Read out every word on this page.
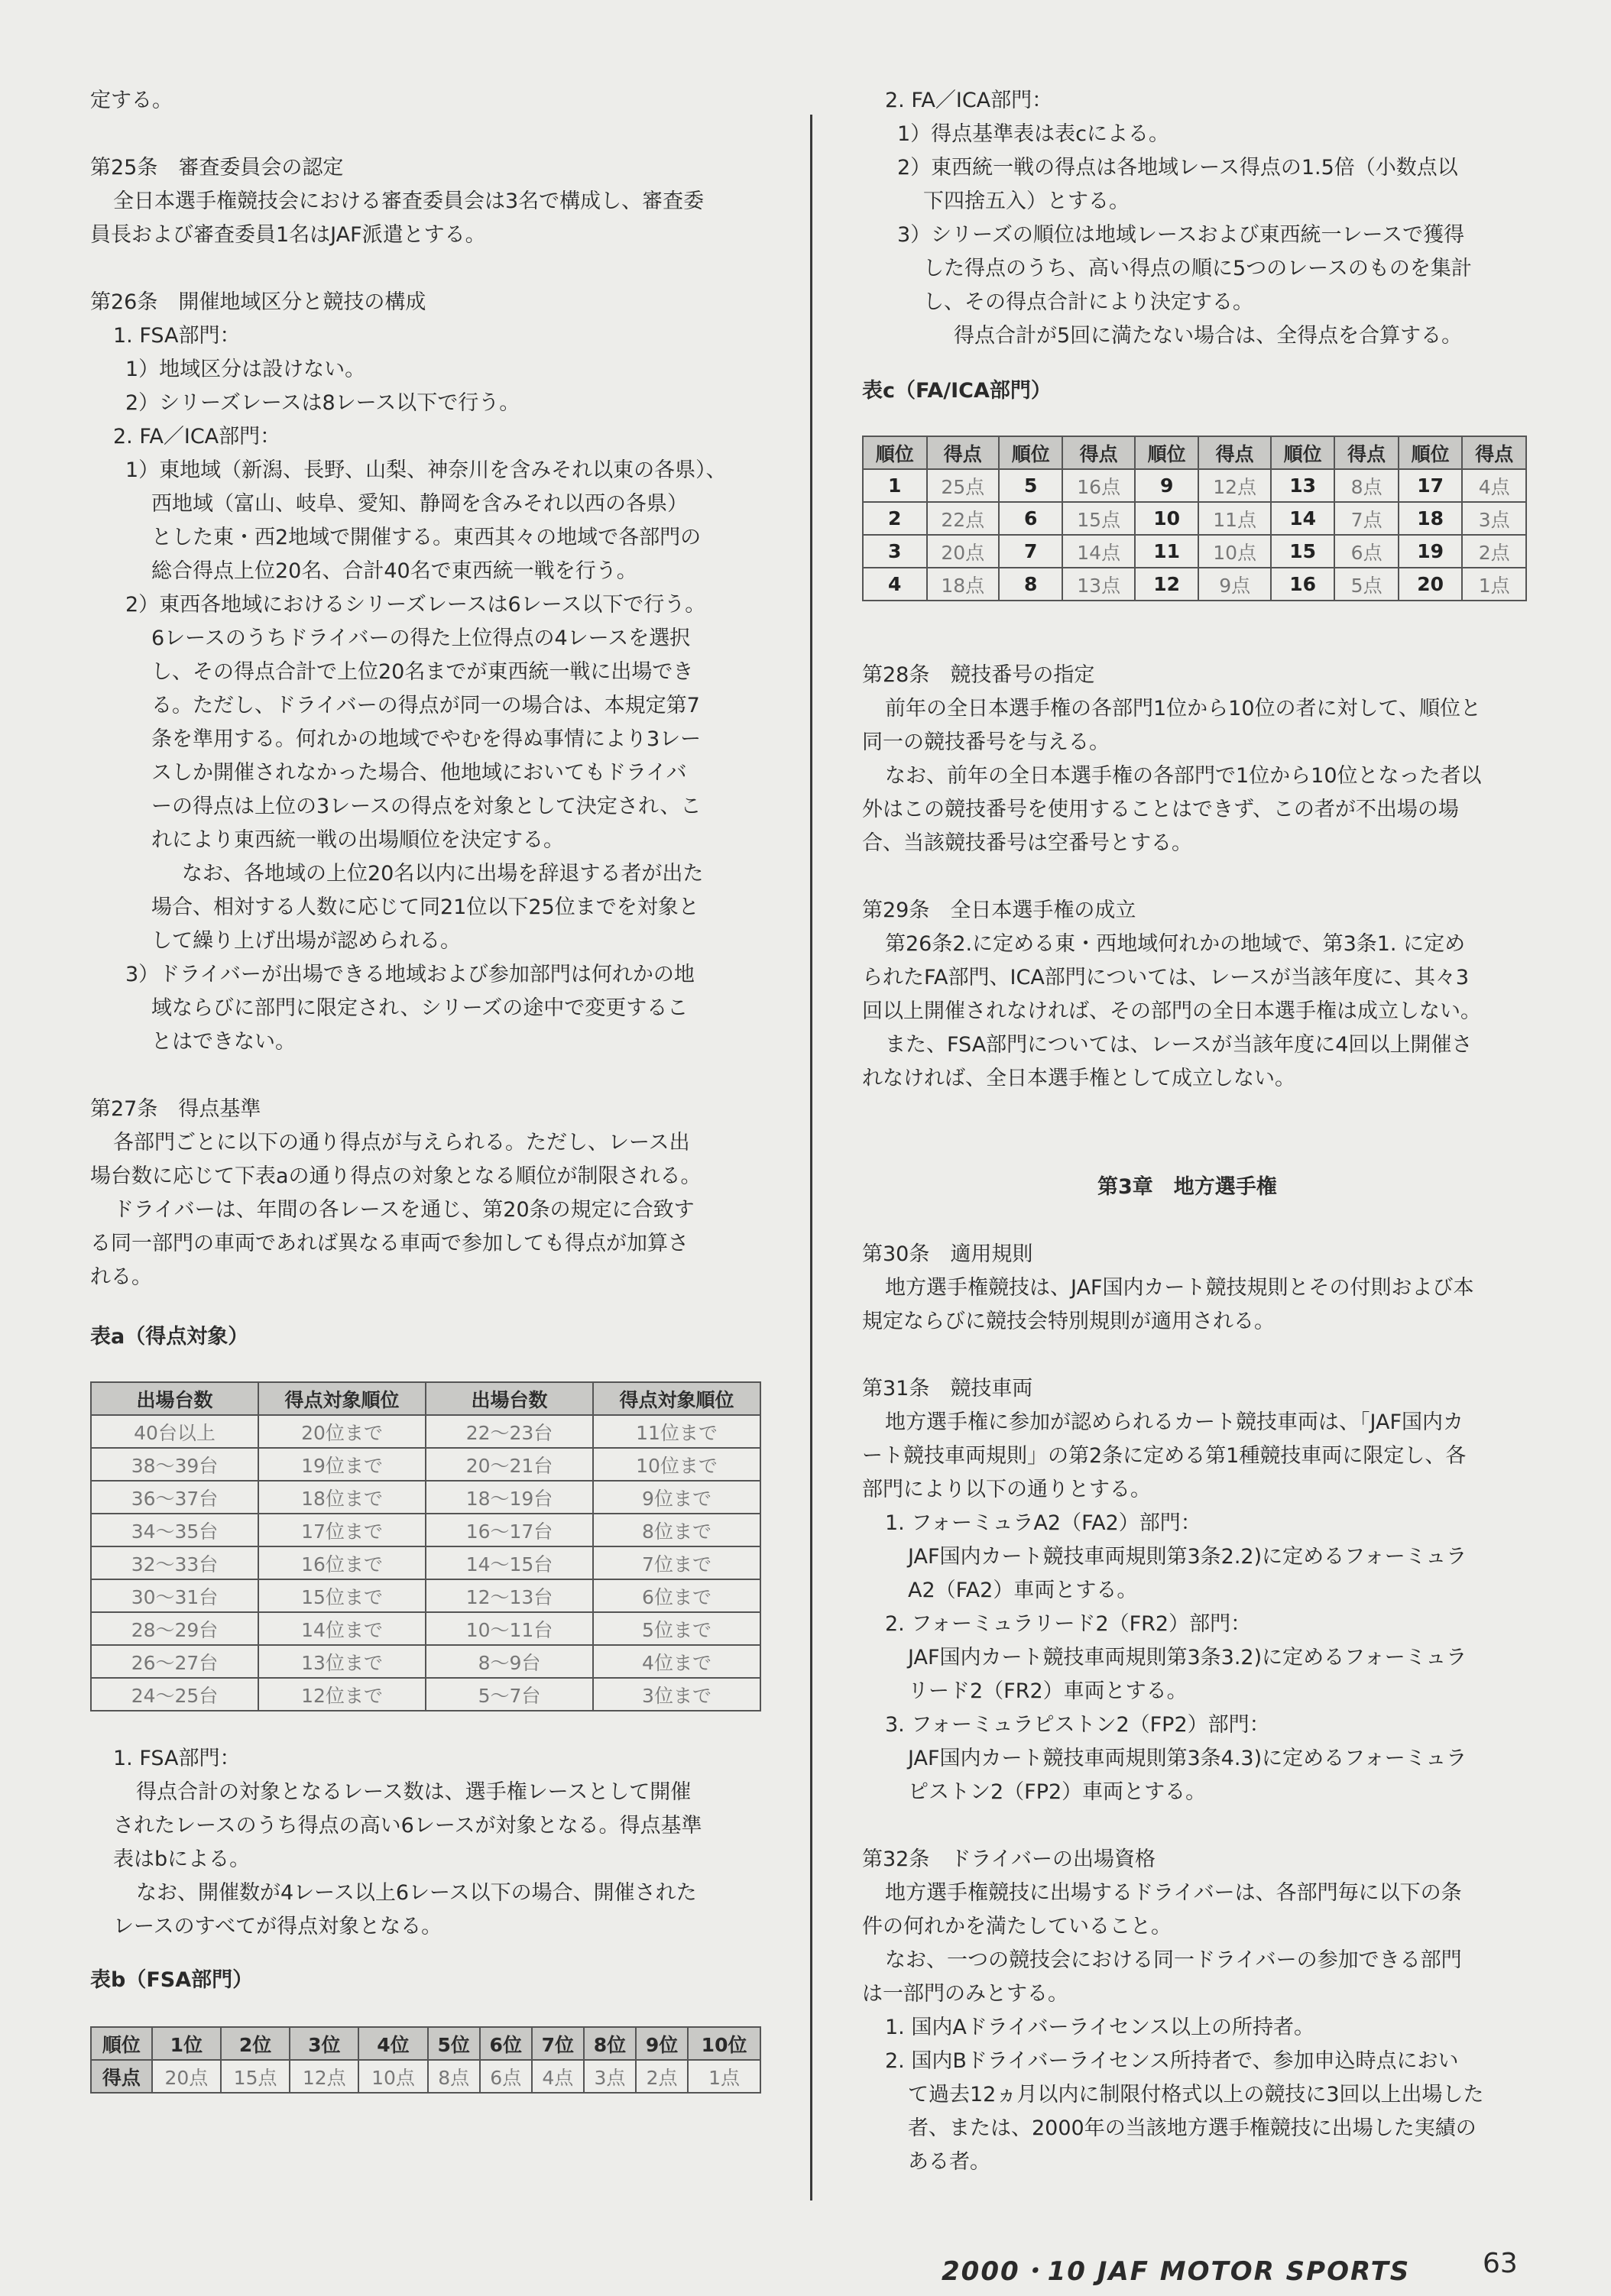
定する。
第25条　審査委員会の認定
全日本選手権競技会における審査委員会は3名で構成し、審査委
員長および審査委員1名はJAF派遣とする。
第26条　開催地域区分と競技の構成
1. FSA部門：
1）地域区分は設けない。
2）シリーズレースは8レース以下で行う。
2. FA／ICA部門：
1）東地域（新潟、長野、山梨、神奈川を含みそれ以東の各県）、
西地域（富山、岐阜、愛知、静岡を含みそれ以西の各県）
とした東・西2地域で開催する。東西其々の地域で各部門の
総合得点上位20名、合計40名で東西統一戦を行う。
2）東西各地域におけるシリーズレースは6レース以下で行う。
6レースのうちドライバーの得た上位得点の4レースを選択
し、その得点合計で上位20名までが東西統一戦に出場でき
る。ただし、ドライバーの得点が同一の場合は、本規定第7
条を準用する。何れかの地域でやむを得ぬ事情により3レー
スしか開催されなかった場合、他地域においてもドライバ
ーの得点は上位の3レースの得点を対象として決定され、こ
れにより東西統一戦の出場順位を決定する。
なお、各地域の上位20名以内に出場を辞退する者が出た
場合、相対する人数に応じて同21位以下25位までを対象と
して繰り上げ出場が認められる。
3）ドライバーが出場できる地域および参加部門は何れかの地
域ならびに部門に限定され、シリーズの途中で変更するこ
とはできない。
第27条　得点基準
各部門ごとに以下の通り得点が与えられる。ただし、レース出
場台数に応じて下表aの通り得点の対象となる順位が制限される。
ドライバーは、年間の各レースを通じ、第20条の規定に合致す
る同一部門の車両であれば異なる車両で参加しても得点が加算さ
れる。
表a（得点対象）
1. FSA部門：
得点合計の対象となるレース数は、選手権レースとして開催
されたレースのうち得点の高い6レースが対象となる。得点基準
表はbによる。
なお、開催数が4レース以上6レース以下の場合、開催された
レースのすべてが得点対象となる。
表b（FSA部門）
出場台数	得点対象順位	出場台数	得点対象順位
40台以上	20位まで	22～23台	11位まで
38～39台	19位まで	20～21台	10位まで
36～37台	18位まで	18～19台	9位まで
34～35台	17位まで	16～17台	8位まで
32～33台	16位まで	14～15台	7位まで
30～31台	15位まで	12～13台	6位まで
28～29台	14位まで	10～11台	5位まで
26～27台	13位まで	8～9台	4位まで
24～25台	12位まで	5～7台	3位まで
順位	1位	2位	3位	4位	5位	6位	7位	8位	9位	10位
得点	20点	15点	12点	10点	8点	6点	4点	3点	2点	1点
2. FA／ICA部門：
1）得点基準表は表cによる。
2）東西統一戦の得点は各地域レース得点の1.5倍（小数点以
下四捨五入）とする。
3）シリーズの順位は地域レースおよび東西統一レースで獲得
した得点のうち、高い得点の順に5つのレースのものを集計
し、その得点合計により決定する。
得点合計が5回に満たない場合は、全得点を合算する。
表c（FA/ICA部門）
第28条　競技番号の指定
前年の全日本選手権の各部門1位から10位の者に対して、順位と
同一の競技番号を与える。
なお、前年の全日本選手権の各部門で1位から10位となった者以
外はこの競技番号を使用することはできず、この者が不出場の場
合、当該競技番号は空番号とする。
第29条　全日本選手権の成立
第26条2.に定める東・西地域何れかの地域で、第3条1. に定め
られたFA部門、ICA部門については、レースが当該年度に、其々3
回以上開催されなければ、その部門の全日本選手権は成立しない。
また、FSA部門については、レースが当該年度に4回以上開催さ
れなければ、全日本選手権として成立しない。
第3章　地方選手権
第30条　適用規則
地方選手権競技は、JAF国内カート競技規則とその付則および本
規定ならびに競技会特別規則が適用される。
第31条　競技車両
地方選手権に参加が認められるカート競技車両は、「JAF国内カ
ート競技車両規則」の第2条に定める第1種競技車両に限定し、各
部門により以下の通りとする。
1. フォーミュラA2（FA2）部門：
JAF国内カート競技車両規則第3条2.2)に定めるフォーミュラ
A2（FA2）車両とする。
2. フォーミュラリード2（FR2）部門：
JAF国内カート競技車両規則第3条3.2)に定めるフォーミュラ
リード2（FR2）車両とする。
3. フォーミュラピストン2（FP2）部門：
JAF国内カート競技車両規則第3条4.3)に定めるフォーミュラ
ピストン2（FP2）車両とする。
第32条　ドライバーの出場資格
地方選手権競技に出場するドライバーは、各部門毎に以下の条
件の何れかを満たしていること。
なお、一つの競技会における同一ドライバーの参加できる部門
は一部門のみとする。
1. 国内Aドライバーライセンス以上の所持者。
2. 国内Bドライバーライセンス所持者で、参加申込時点におい
て過去12ヵ月以内に制限付格式以上の競技に3回以上出場した
者、または、2000年の当該地方選手権競技に出場した実績の
ある者。
順位	得点	順位	得点	順位	得点	順位	得点	順位	得点
1	25点	5	16点	9	12点	13	8点	17	4点
2	22点	6	15点	10	11点	14	7点	18	3点
3	20点	7	14点	11	10点	15	6点	19	2点
4	18点	8	13点	12	9点	16	5点	20	1点
2000・10 JAF MOTOR SPORTS	63
